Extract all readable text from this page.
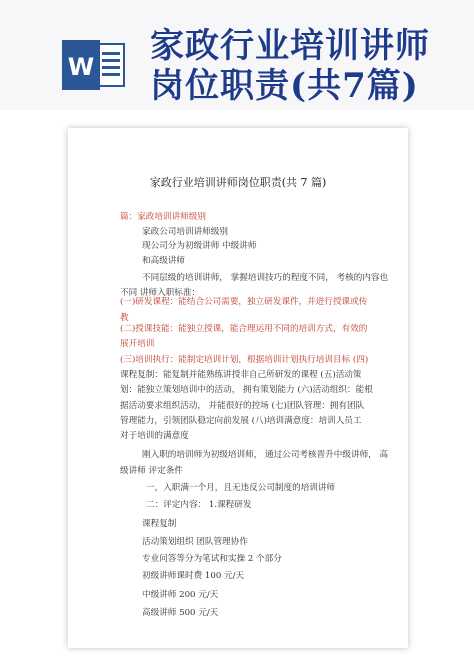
W
家政行业培训讲师
岗位职责(共7篇)
家政行业培训讲师岗位职责(共 7 篇)
篇：家政培训讲师级别
家政公司培训讲师级别
现公司分为初级讲师 中级讲师
和高级讲师
不同层级的培训讲师， 掌握培训技巧的程度不同， 考核的内容也
不同 讲师入职标准：
(一)研发课程：能结合公司需要，独立研发课件，并进行授课或传
教
(二)授课技能：能独立授课，能合理运用不同的培训方式，有效的
展开培训
(三)培训执行：能制定培训计划，根据培训计划执行培训目标 (四)
课程复制：能复制并能熟练讲授非自己所研发的课程 (五)活动策
划：能独立策划培训中的活动， 拥有策划能力 (六)活动组织：能根
据活动要求组织活动， 并能很好的控场 (七)团队管理：拥有团队
管理能力，引领团队稳定向前发展 (八)培训满意度：培训人员工
对于培训的满意度
刚入职的培训师为初级培训师， 通过公司考核晋升中级讲师， 高
级讲师 评定条件
一，入职满一个月，且无违反公司制度的培训讲师
二：评定内容： 1.课程研发
课程复制
活动策划组织 团队管理协作
专业问答等分为笔试和实操 2 个部分
初级讲师课时费 100 元/天
中级讲师 200 元/天
高级讲师 500 元/天
